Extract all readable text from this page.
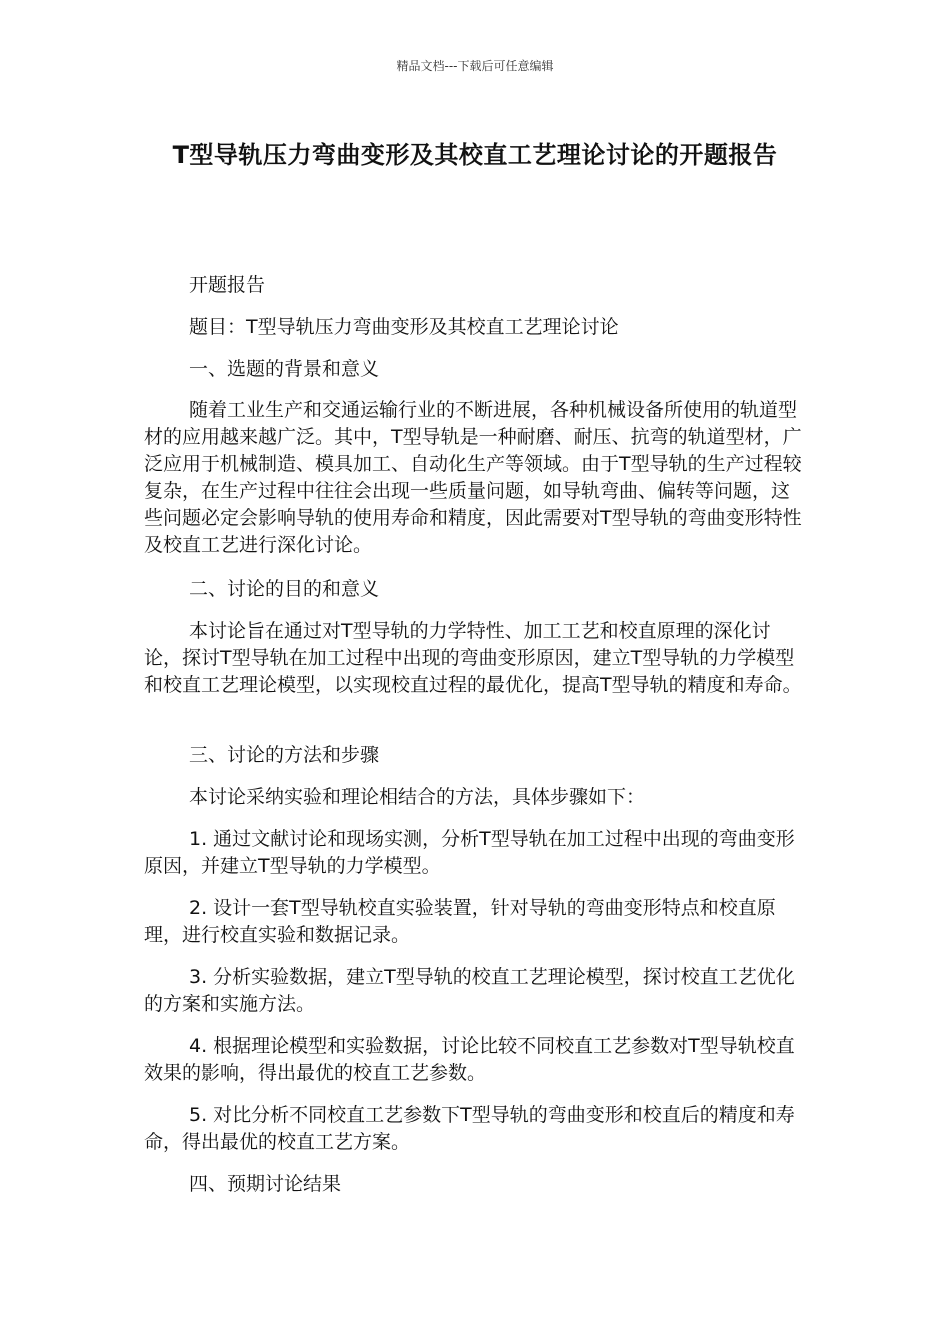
精品文档---下载后可任意编辑
T型导轨压力弯曲变形及其校直工艺理论讨论的开题报告
开题报告
题目：T型导轨压力弯曲变形及其校直工艺理论讨论
一、选题的背景和意义

随着工业生产和交通运输行业的不断进展，各种机械设备所使用的轨道型材的应用越来越广泛。其中，T型导轨是一种耐磨、耐压、抗弯的轨道型材，广泛应用于机械制造、模具加工、自动化生产等领域。由于T型导轨的生产过程较复杂，在生产过程中往往会出现一些质量问题，如导轨弯曲、偏转等问题，这些问题必定会影响导轨的使用寿命和精度，因此需要对T型导轨的弯曲变形特性及校直工艺进行深化讨论。

二、讨论的目的和意义

本讨论旨在通过对T型导轨的力学特性、加工工艺和校直原理的深化讨论，探讨T型导轨在加工过程中出现的弯曲变形原因，建立T型导轨的力学模型和校直工艺理论模型，以实现校直过程的最优化，提高T型导轨的精度和寿命。

三、讨论的方法和步骤
本讨论采纳实验和理论相结合的方法，具体步骤如下：

1. 通过文献讨论和现场实测，分析T型导轨在加工过程中出现的弯曲变形原因，并建立T型导轨的力学模型。

2. 设计一套T型导轨校直实验装置，针对导轨的弯曲变形特点和校直原理，进行校直实验和数据记录。

3. 分析实验数据，建立T型导轨的校直工艺理论模型，探讨校直工艺优化的方案和实施方法。

4. 根据理论模型和实验数据，讨论比较不同校直工艺参数对T型导轨校直效果的影响，得出最优的校直工艺参数。

5. 对比分析不同校直工艺参数下T型导轨的弯曲变形和校直后的精度和寿命，得出最优的校直工艺方案。

四、预期讨论结果
